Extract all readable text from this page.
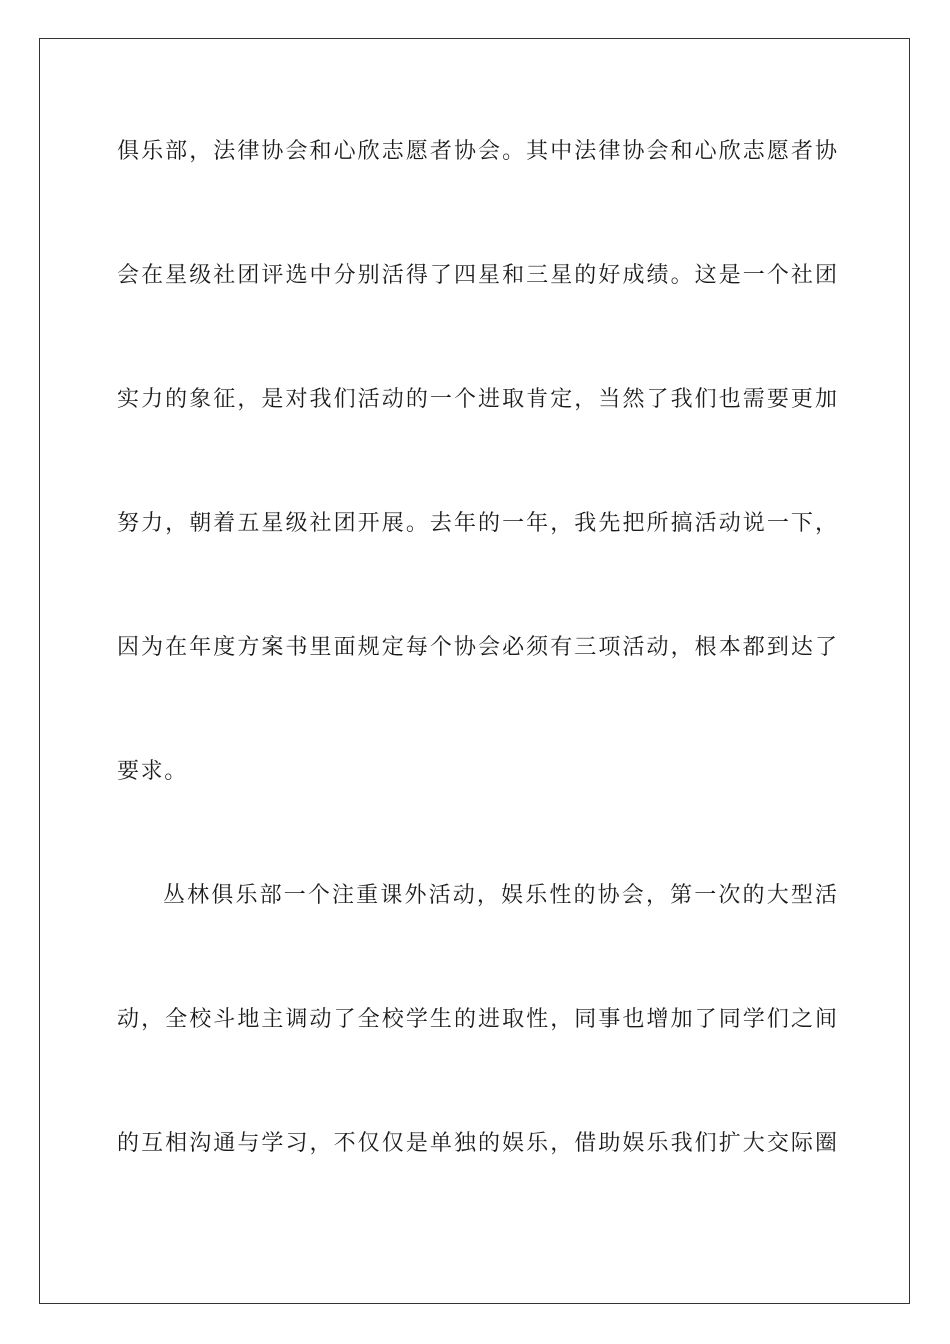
俱乐部，法律协会和心欣志愿者协会。其中法律协会和心欣志愿者协
会在星级社团评选中分别活得了四星和三星的好成绩。这是一个社团
实力的象征，是对我们活动的一个进取肯定，当然了我们也需要更加
努力，朝着五星级社团开展。去年的一年，我先把所搞活动说一下，
因为在年度方案书里面规定每个协会必须有三项活动，根本都到达了
要求。
丛林俱乐部一个注重课外活动，娱乐性的协会，第一次的大型活
动，全校斗地主调动了全校学生的进取性，同事也增加了同学们之间
的互相沟通与学习，不仅仅是单独的娱乐，借助娱乐我们扩大交际圈
